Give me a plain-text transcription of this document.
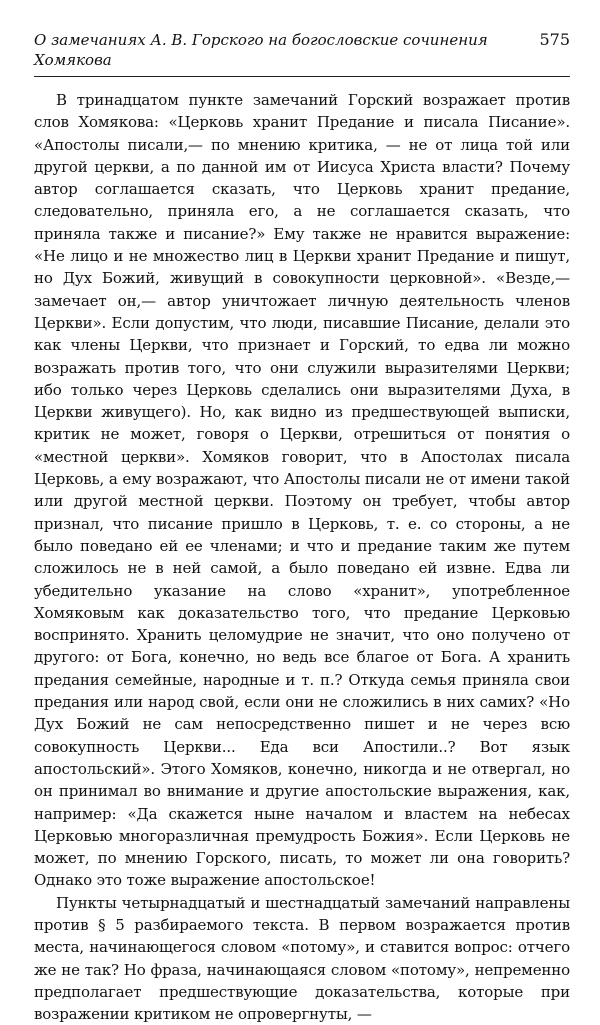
О замечаниях А. В. Горского на богословские сочинения Хомякова
575

В тринадцатом пункте замечаний Горский возражает против слов Хомякова: «Церковь хранит Предание и писала Писание». «Апостолы писали,— по мнению критика, — не от лица той или другой церкви, а по данной им от Иисуса Христа власти? Почему автор соглашается сказать, что Церковь хранит предание, следовательно, приняла его, а не соглашается сказать, что приняла также и писание?» Ему также не нравится выражение: «Не лицо и не множество лиц в Церкви хранит Предание и пишут, но Дух Божий, живущий в совокупности церковной». «Везде,— замечает он,— автор уничтожает личную деятельность членов Церкви». Если допустим, что люди, писавшие Писание, делали это как члены Церкви, что признает и Горский, то едва ли можно возражать против того, что они служили выразителями Церкви; ибо только через Церковь сделались они выразителями Духа, в Церкви живущего). Но, как видно из предшествующей выписки, критик не может, говоря о Церкви, отрешиться от понятия о «местной церкви». Хомяков говорит, что в Апостолах писала Церковь, а ему возражают, что Апостолы писали не от имени такой или другой местной церкви. Поэтому он требует, чтобы автор признал, что писание пришло в Церковь, т. е. со стороны, а не было поведано ей ее членами; и что и предание таким же путем сложилось не в ней самой, а было поведано ей извне. Едва ли убедительно указание на слово «хранит», употребленное Хомяковым как доказательство того, что предание Церковью воспринято. Хранить целомудрие не значит, что оно получено от другого: от Бога, конечно, но ведь все благое от Бога. А хранить предания семейные, народные и т. п.? Откуда семья приняла свои предания или народ свой, если они не сложились в них самих? «Но Дух Божий не сам непосредственно пишет и не через всю совокупность Церкви... Еда вси Апостили..? Вот язык апостольский». Этого Хомяков, конечно, никогда и не отвергал, но он принимал во внимание и другие апостольские выражения, как, например: «Да скажется ныне началом и властем на небесах Церковью многоразличная премудрость Божия». Если Церковь не может, по мнению Горского, писать, то может ли она говорить? Однако это тоже выражение апостольское!

Пункты четырнадцатый и шестнадцатый замечаний направлены против § 5 разбираемого текста. В первом возражается против места, начинающегося словом «потому», и ставится вопрос: отчего же не так? Но фраза, начинающаяся словом «потому», непременно предполагает предшествующие доказательства, которые при возражении критиком не опровергнуты, —
